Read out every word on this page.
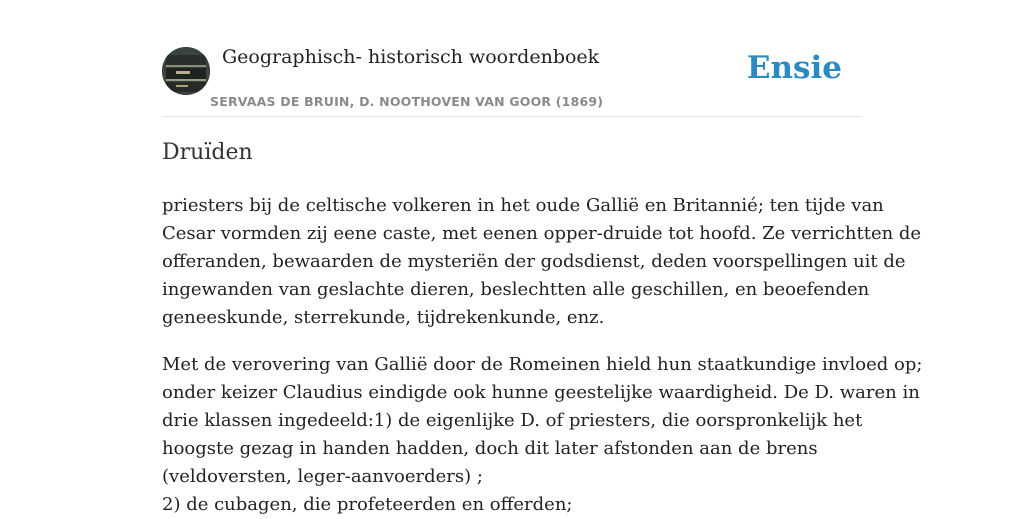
Geographisch- historisch woordenboek
SERVAAS DE BRUIN, D. NOOTHOVEN VAN GOOR (1869)
Ensie
Druïden

priesters bij de celtische volkeren in het oude Gallië en Britannié; ten tijde van
Cesar vormden zij eene caste, met eenen opper-druide tot hoofd. Ze verrichtten de
offeranden, bewaarden de mysteriën der godsdienst, deden voorspellingen uit de
ingewanden van geslachte dieren, beslechtten alle geschillen, en beoefenden
geneeskunde, sterrekunde, tijdrekenkunde, enz.

Met de verovering van Gallië door de Romeinen hield hun staatkundige invloed op;
onder keizer Claudius eindigde ook hunne geestelijke waardigheid. De D. waren in
drie klassen ingedeeld:1) de eigenlijke D. of priesters, die oorspronkelijk het
hoogste gezag in handen hadden, doch dit later afstonden aan de brens
(veldoversten, leger-aanvoerders) ;
2) de cubagen, die profeteerden en offerden;
